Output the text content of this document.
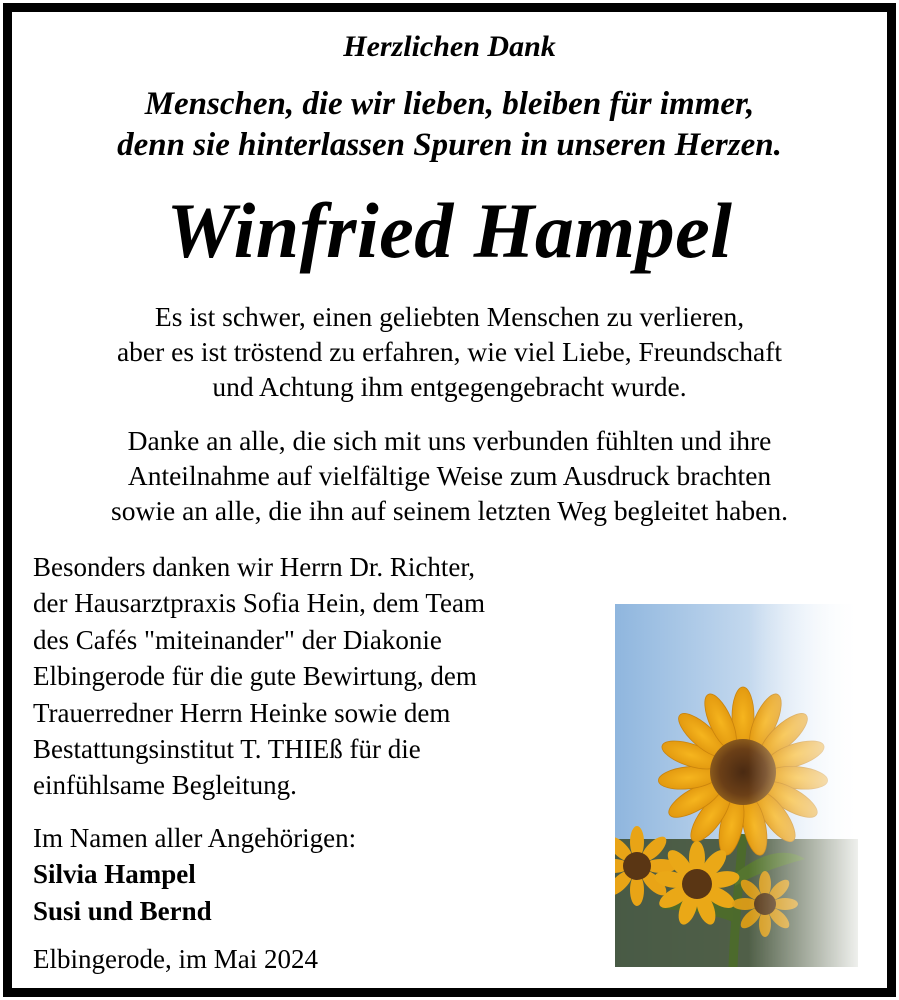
Herzlichen Dank
Menschen, die wir lieben, bleiben für immer,
denn sie hinterlassen Spuren in unseren Herzen.
Winfried Hampel
Es ist schwer, einen geliebten Menschen zu verlieren,
aber es ist tröstend zu erfahren, wie viel Liebe, Freundschaft
und Achtung ihm entgegengebracht wurde.
Danke an alle, die sich mit uns verbunden fühlten und ihre
Anteilnahme auf vielfältige Weise zum Ausdruck brachten
sowie an alle, die ihn auf seinem letzten Weg begleitet haben.
Besonders danken wir Herrn Dr. Richter,
der Hausarztpraxis Sofia Hein, dem Team
des Cafés "miteinander" der Diakonie
Elbingerode für die gute Bewirtung, dem
Trauerredner Herrn Heinke sowie dem
Bestattungsinstitut T. THIEß für die
einfühlsame Begleitung.
Im Namen aller Angehörigen:
Silvia Hampel
Susi und Bernd
Elbingerode, im Mai 2024
